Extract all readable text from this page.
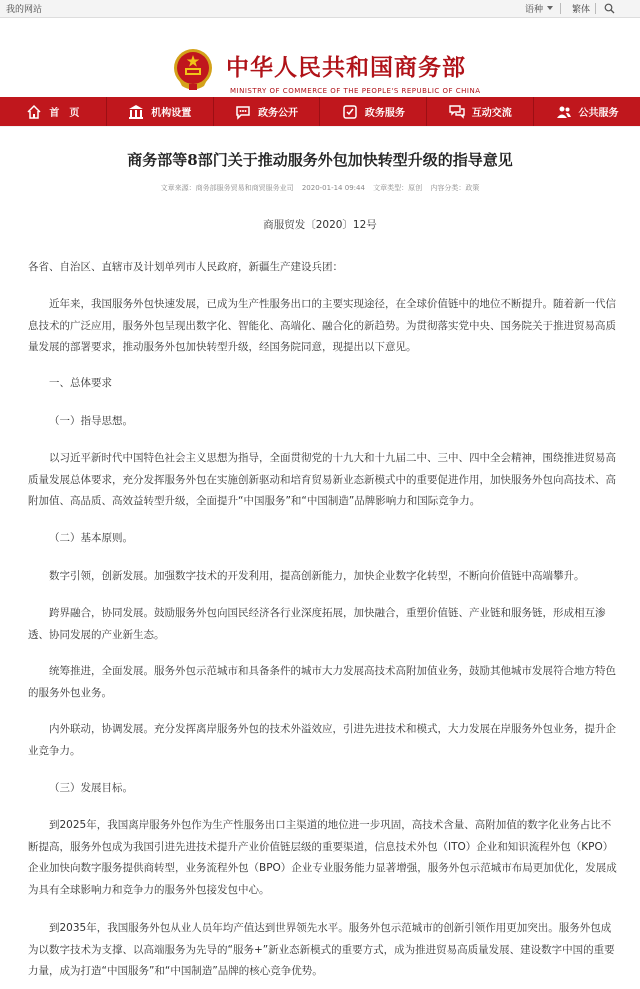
我的网站	语种	繁体
中华人民共和国商务部
MINISTRY OF COMMERCE OF THE PEOPLE'S REPUBLIC OF CHINA
首　页	机构设置	政务公开	政务服务	互动交流	公共服务
商务部等8部门关于推动服务外包加快转型升级的指导意见
文章来源：商务部服务贸易和商贸服务业司 2020-01-14 09:44 文章类型：原创 内容分类：政策
商服贸发〔2020〕12号
各省、自治区、直辖市及计划单列市人民政府，新疆生产建设兵团：
近年来，我国服务外包快速发展，已成为生产性服务出口的主要实现途径，在全球价值链中的地位不断提升。随着新一代信息技术的广泛应用，服务外包呈现出数字化、智能化、高端化、融合化的新趋势。为贯彻落实党中央、国务院关于推进贸易高质量发展的部署要求，推动服务外包加快转型升级，经国务院同意，现提出以下意见。
一、总体要求
（一）指导思想。
以习近平新时代中国特色社会主义思想为指导，全面贯彻党的十九大和十九届二中、三中、四中全会精神，围绕推进贸易高质量发展总体要求，充分发挥服务外包在实施创新驱动和培育贸易新业态新模式中的重要促进作用，加快服务外包向高技术、高附加值、高品质、高效益转型升级，全面提升“中国服务”和“中国制造”品牌影响力和国际竞争力。
（二）基本原则。
数字引领，创新发展。加强数字技术的开发利用，提高创新能力，加快企业数字化转型，不断向价值链中高端攀升。
跨界融合，协同发展。鼓励服务外包向国民经济各行业深度拓展，加快融合，重塑价值链、产业链和服务链，形成相互渗透、协同发展的产业新生态。
统筹推进，全面发展。服务外包示范城市和具备条件的城市大力发展高技术高附加值业务，鼓励其他城市发展符合地方特色的服务外包业务。
内外联动，协调发展。充分发挥离岸服务外包的技术外溢效应，引进先进技术和模式，大力发展在岸服务外包业务，提升企业竞争力。
（三）发展目标。
到2025年，我国离岸服务外包作为生产性服务出口主渠道的地位进一步巩固，高技术含量、高附加值的数字化业务占比不断提高，服务外包成为我国引进先进技术提升产业价值链层级的重要渠道，信息技术外包（ITO）企业和知识流程外包（KPO）企业加快向数字服务提供商转型，业务流程外包（BPO）企业专业服务能力显著增强，服务外包示范城市布局更加优化，发展成为具有全球影响力和竞争力的服务外包接发包中心。
到2035年，我国服务外包从业人员年均产值达到世界领先水平。服务外包示范城市的创新引领作用更加突出。服务外包成为以数字技术为支撑、以高端服务为先导的“服务+”新业态新模式的重要方式，成为推进贸易高质量发展、建设数字中国的重要力量，成为打造“中国服务”和“中国制造”品牌的核心竞争优势。
